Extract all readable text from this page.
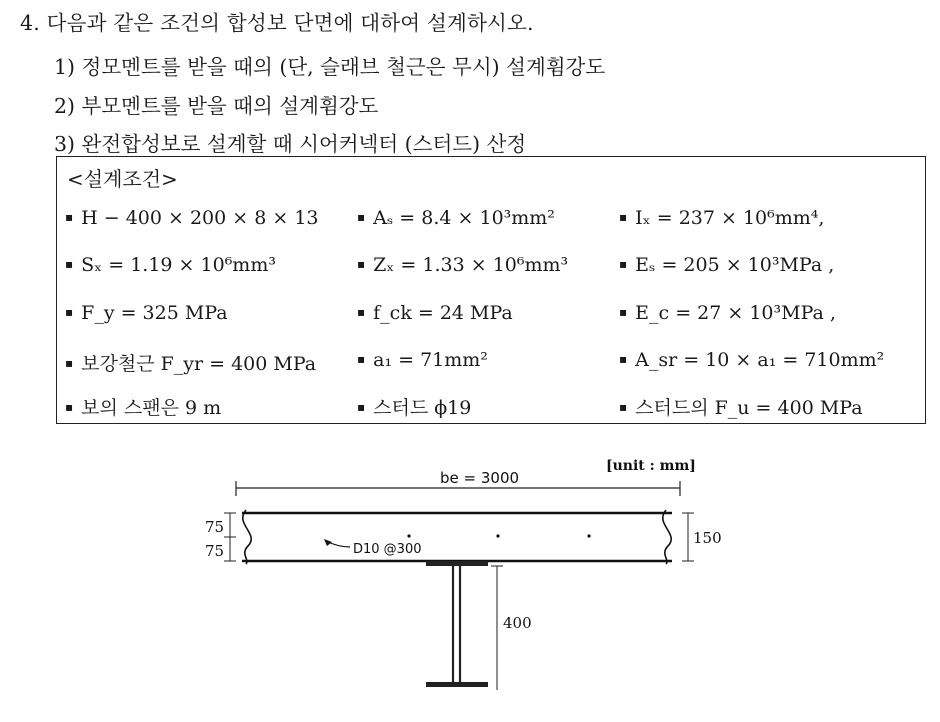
4. 다음과 같은 조건의 합성보 단면에 대하여 설계하시오.
1) 정모멘트를 받을 때의 (단, 슬래브 철근은 무시) 설계휨강도
2) 부모멘트를 받을 때의 설계휨강도
3) 완전합성보로 설계할 때 시어커넥터 (스터드) 산정
<설계조건>
▪ H − 400 × 200 × 8 × 13	▪ Aₛ = 8.4 × 10³mm²	▪ Iₓ = 237 × 10⁶mm⁴,
▪ Sₓ = 1.19 × 10⁶mm³	▪ Zₓ = 1.33 × 10⁶mm³	▪ Eₛ = 205 × 10³MPa ,
▪ F_y = 325 MPa	▪ f_ck = 24 MPa	▪ E_c = 27 × 10³MPa ,
▪ 보강철근 F_yr = 400 MPa	▪ a₁ = 71mm²	▪ A_sr = 10 × a₁ = 710mm²
▪ 보의 스팬은 9 m	▪ 스터드 ϕ19	▪ 스터드의 F_u = 400 MPa
[unit : mm]
be = 3000
75
75
150
D10 @300
400
